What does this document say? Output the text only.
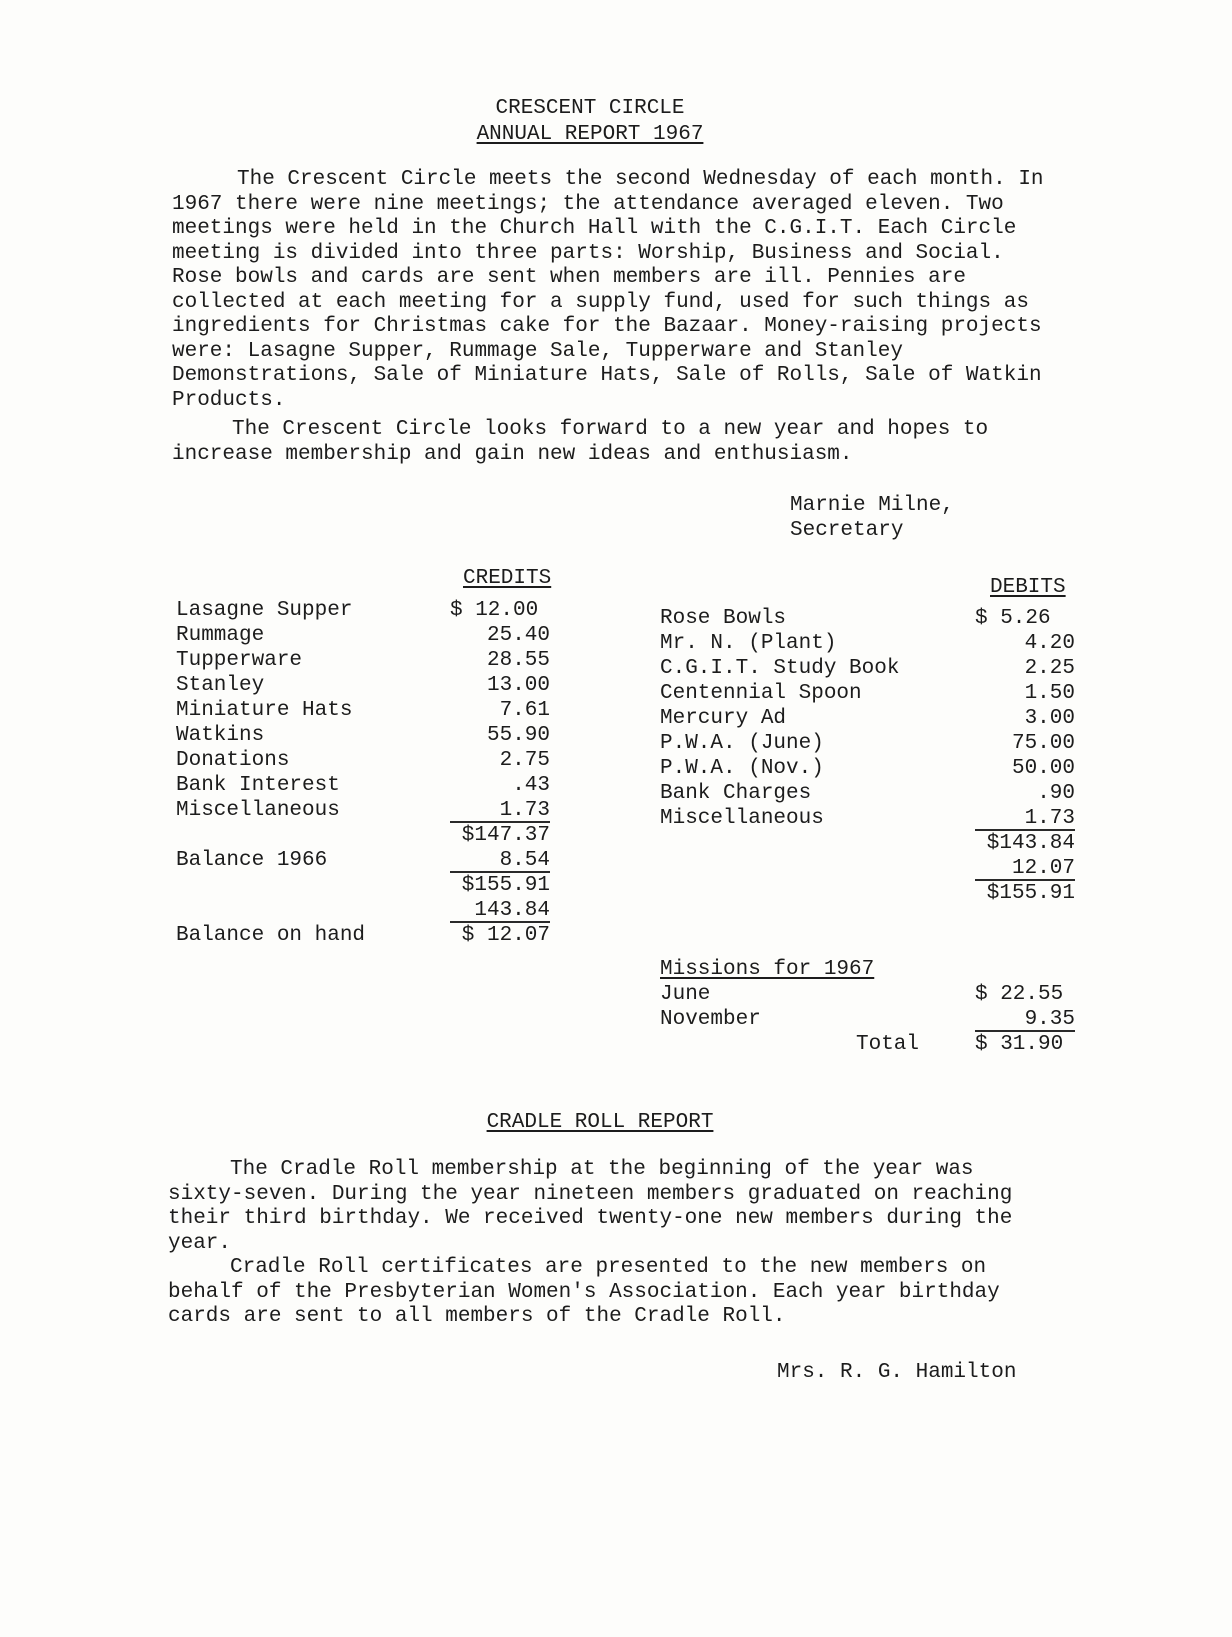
CRESCENT CIRCLE
ANNUAL REPORT 1967
The Crescent Circle meets the second Wednesday of each month. In 1967 there were nine meetings; the attendance averaged eleven. Two meetings were held in the Church Hall with the C.G.I.T. Each Circle meeting is divided into three parts: Worship, Business and Social. Rose bowls and cards are sent when members are ill. Pennies are collected at each meeting for a supply fund, used for such things as ingredients for Christmas cake for the Bazaar. Money-raising projects were: Lasagne Supper, Rummage Sale, Tupperware and Stanley Demonstrations, Sale of Miniature Hats, Sale of Rolls, Sale of Watkin Products.
The Crescent Circle looks forward to a new year and hopes to increase membership and gain new ideas and enthusiasm.
Marnie Milne,
Secretary
CREDITS
Lasagne Supper
Rummage
Tupperware
Stanley
Miniature Hats
Watkins
Donations
Bank Interest
Miscellaneous
Balance 1966
Balance on hand
$ 12.00
25.40
28.55
13.00
7.61
55.90
2.75
.43
1.73
$147.37
8.54
$155.91
143.84
$ 12.07
DEBITS
Rose Bowls
Mr. N. (Plant)
C.G.I.T. Study Book
Centennial Spoon
Mercury Ad
P.W.A. (June)
P.W.A. (Nov.)
Bank Charges
Miscellaneous
$ 5.26
4.20
2.25
1.50
3.00
75.00
50.00
.90
1.73
$143.84
12.07
$155.91
Missions for 1967
June
November
Total
$ 22.55
9.35
$ 31.90
CRADLE ROLL REPORT
The Cradle Roll membership at the beginning of the year was sixty-seven. During the year nineteen members graduated on reaching their third birthday. We received twenty-one new members during the year.
Cradle Roll certificates are presented to the new members on behalf of the Presbyterian Women's Association. Each year birthday cards are sent to all members of the Cradle Roll.
Mrs. R. G. Hamilton
